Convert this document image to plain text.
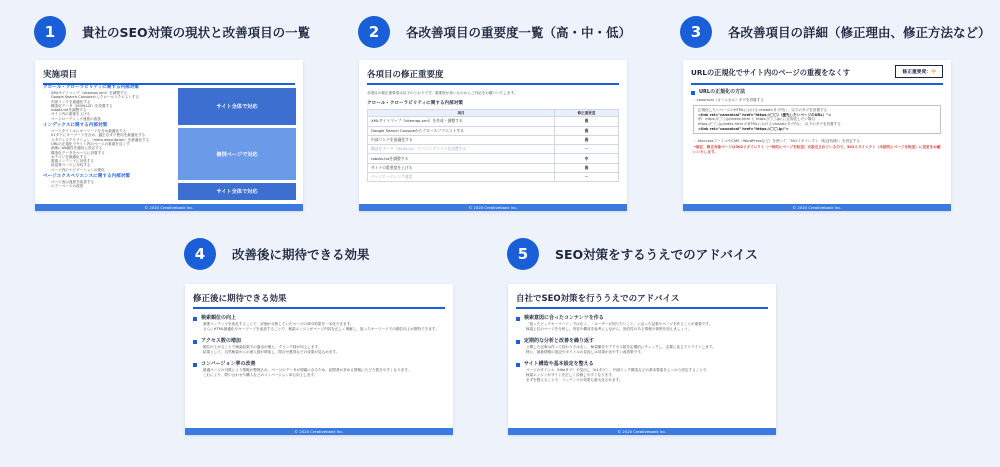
1	貴社のSEO対策の現状と改善項目の一覧	2	各改善項目の重要度一覧（高・中・低）	3	各改善項目の詳細（修正理由、修正方法など）
4	改善後に期待できる効果	5	SEO対策をするうえでのアドバイス
実施項目
クロール・クローラビリティに関する内部対策
XMLサイトマップ（sitemap.xml）を調整する
Google Search Consoleからクロールリクエストする
内部リンクを最適化する
構造化データ（JSON-LD）を設置する
robots.txtを調整する
サイト内の重複を上げる
ページローディング速度の改善
インデックスに関する内部対策
ページタイトルにキーワードを含め最適化する
h1タグにキーワードを含め、適正なタグ使用を最適化する
メタディスクリプション（meta description）を最適化する
URLの正規化でサイト内のページの重複をなくす
画像にalt属性を適切に設定する
構造化データをページに設置する
カテゴリを最適化する
重複コンテンツに対処する
低品質ページに対処する
ページ内のナビゲーションの強化
ページエクスペリエンスに関する内部対策
ページ表示速度を改善する
エラーページの改善
サイト全体で対応
個別ページで対応
サイト全体で対応
© 2020 Creativebank Inc.
各項目の修正重要度
各項目の修正重要度は以下のとおりです。重要度が高いものからご対応をお願いいたします。
クロール・クローラビリティに関する内部対策
項目	修正重要度
XMLサイトマップ（sitemap.xml）を作成・調整する	高
Google Search Consoleからクロールリクエストする	高
内部リンクを最適化する	高
構造化データ（JSON-LD）でパンくずリストを設置する	－
robots.txtを調整する	中
サイトの重要度を上げる	高
ページローディング速度	－
© 2020 Creativebank Inc.
URLの正規化でサイト内のページの重複をなくす	修正重要度：中
URLの正規化の方法
・canonical（カノニカル）タグを設置する
正規化したいページのHTMLにおける<head>タグ内に、以下のタグを設置する
<link rel="canonical" href="https://〇〇/（優先したいページのURL）">
例：https://〇〇.jp/index.html と https://〇〇.jp/ に正規化したい場合
https://〇〇.jp/index.html のHTMLにおける<head>タグ内に、以下のタグを設置する
<link rel="canonical" href="https://〇〇.jp/">
・.htaccessファイルやCMS（WordPressなど）を使って「301リダイレクト（転送処理）」を設定する
→現在、修正対象ページは302リダイレクト（一時的にページを転送）が設定されているので、301リダイレクト（永続的にページを転送）に変更をお願いいたします。
© 2020 Creativebank Inc.
修正後に期待できる効果
検索順位の向上
重要コンテンツを改良することで、評価が分散していたページのSEO効果を一本化できます。
さらにHTML最適化やキーワードを追加することで、検索エンジンがページ内容を正しく理解し、狙ったキーワードでの順位向上が期待できます。
アクセス数の増加
順位が上がることで検索結果での露出が増え、クリック数が向上します。
結果として、自然検索からの流入数が増加し、問合せ獲得などの成果が見込めます。
コンバージョン率の改善
最適ページの対策により情報が整理され、ページのデータが明確になるため、訪問者が求める情報にたどり着きやすくなります。
これにより、問い合わせや購入などのコンバージョン率も向上します。
© 2020 Creativebank Inc.
自社でSEO対策を行ううえでのアドバイス
検索意図に合ったコンテンツを作る
「狙ったビッグキーワード」ではなく、「ユーザーが知りたいこと」に沿った記事やページを作ることが重要です。
検索上位のページを分析し、内容や構成を参考にしながら、独自性のある情報や事例を加えましょう。
定期的な分析と改善を繰り返す
公開した記事は作って終わりではなく、検索順位やアクセス数を定期的にチェックし、必要に応じてリライトします。
特に、最新情報の追記やタイトルの見直しは効果が出やすい改善策です。
サイト構造や基本設定を整える
ページのタイトル（titleタグ）や見出し（h1タグ）、内部リンク構造などの基本要素をしっかり設定することで、
検索エンジンがサイトを正しく評価しやすくなります。
まずを整えることで、コンテンツの効果も最大化されます。
© 2020 Creativebank Inc.
